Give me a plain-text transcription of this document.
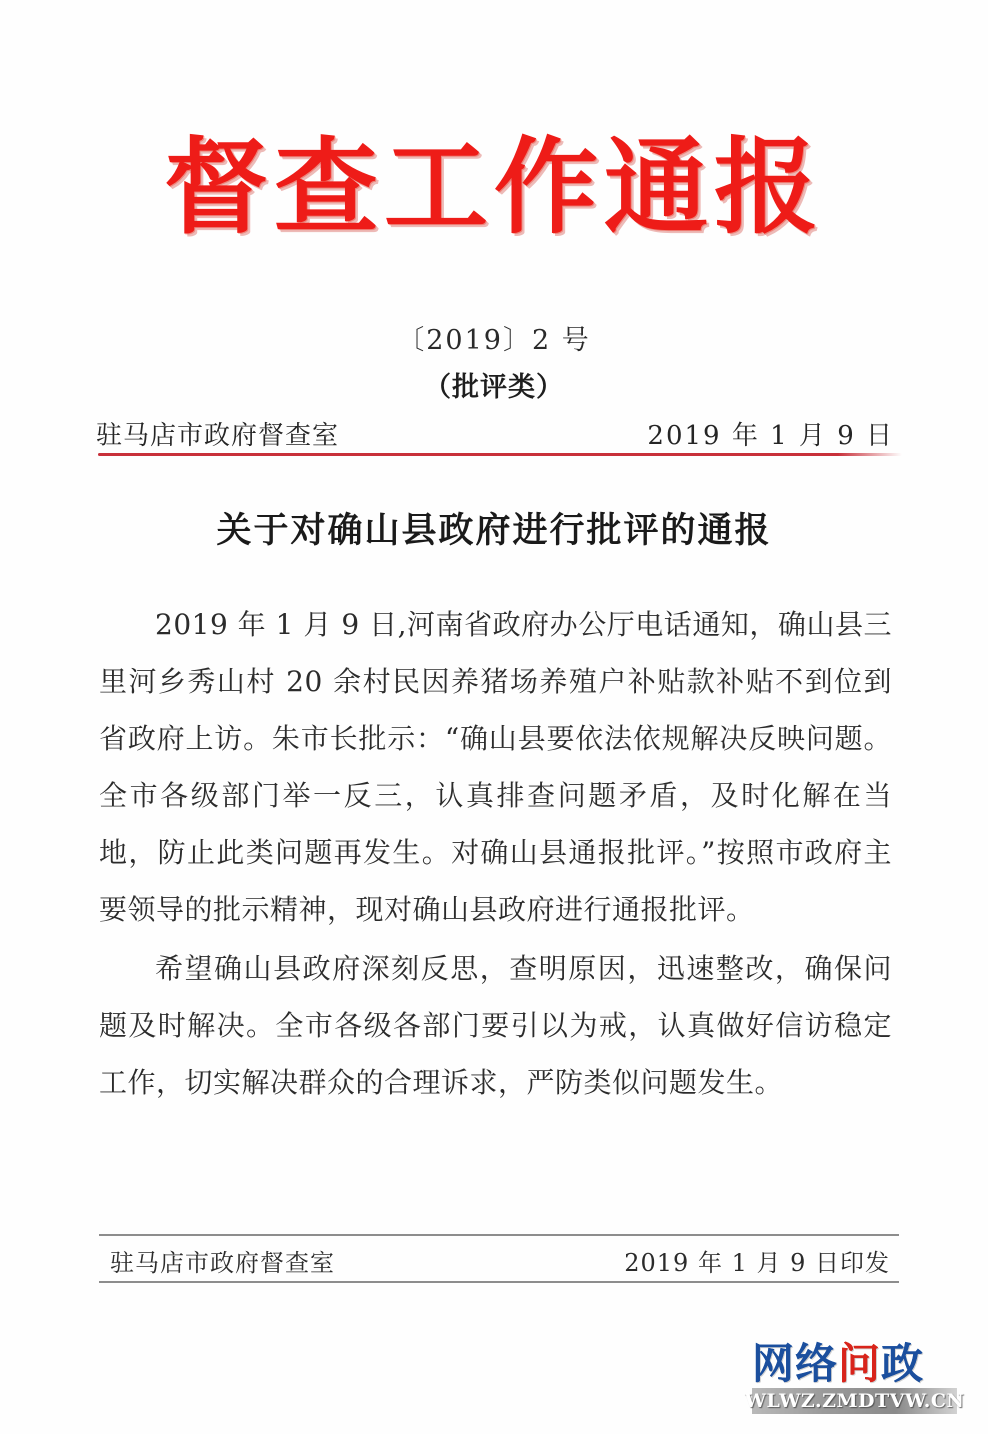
督查工作通报
〔2019〕2 号
（批评类）
驻马店市政府督查室	2019 年 1 月 9 日
关于对确山县政府进行批评的通报

2019 年 1 月 9 日,河南省政府办公厅电话通知，确山县三里河乡秀山村 20 余村民因养猪场养殖户补贴款补贴不到位到省政府上访。朱市长批示：“确山县要依法依规解决反映问题。全市各级部门举一反三，认真排查问题矛盾，及时化解在当地，防止此类问题再发生。对确山县通报批评。”按照市政府主要领导的批示精神，现对确山县政府进行通报批评。

希望确山县政府深刻反思，查明原因，迅速整改，确保问题及时解决。全市各级各部门要引以为戒，认真做好信访稳定工作，切实解决群众的合理诉求，严防类似问题发生。

驻马店市政府督查室	2019 年 1 月 9 日印发
网络问政
WLWZ.ZMDTVW.CN
